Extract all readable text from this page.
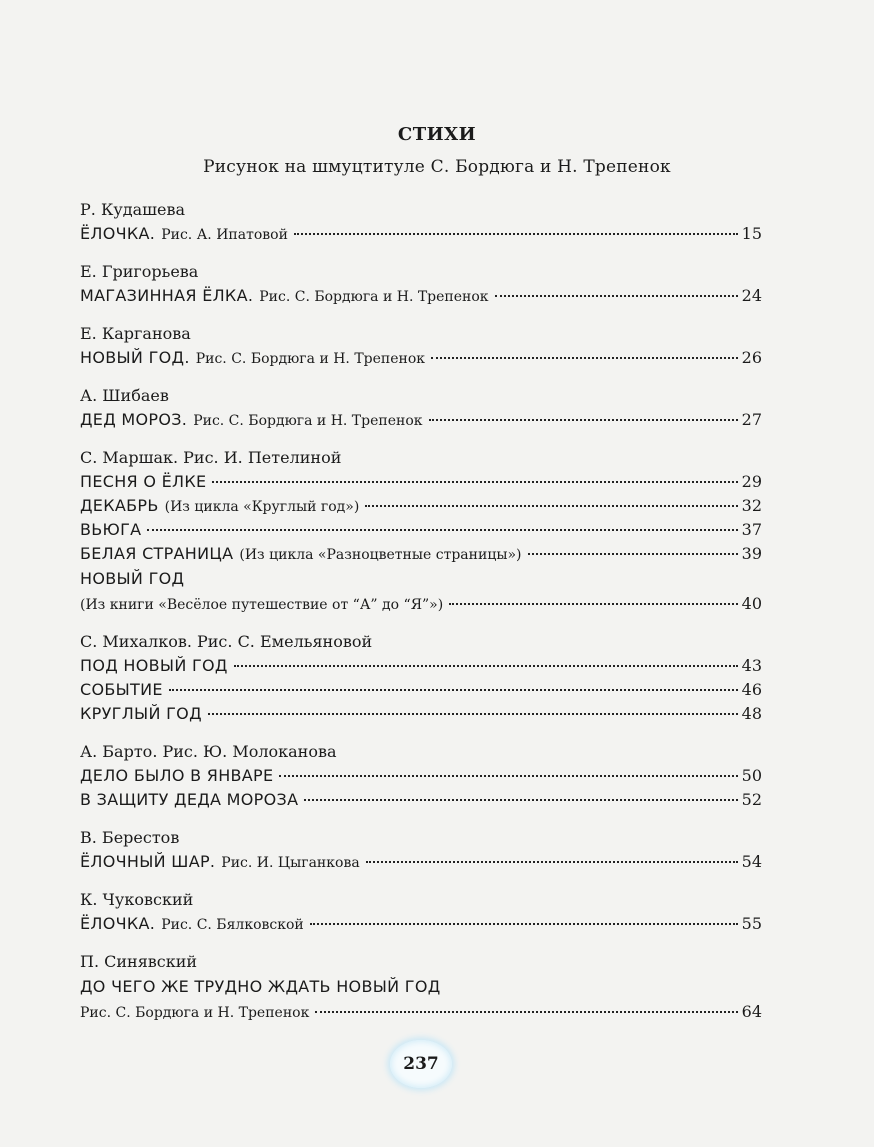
СТИХИ
Рисунок на шмуцтитуле С. Бордюга и Н. Трепенок
Р. Кудашева
ЁЛОЧКА. Рис. А. Ипатовой	15
Е. Григорьева
МАГАЗИННАЯ ЁЛКА. Рис. С. Бордюга и Н. Трепенок	24
Е. Карганова
НОВЫЙ ГОД. Рис. С. Бордюга и Н. Трепенок	26
А. Шибаев
ДЕД МОРОЗ. Рис. С. Бордюга и Н. Трепенок	27
С. Маршак. Рис. И. Петелиной
ПЕСНЯ О ЁЛКЕ	29
ДЕКАБРЬ (Из цикла «Круглый год»)	32
ВЬЮГА	37
БЕЛАЯ СТРАНИЦА (Из цикла «Разноцветные страницы»)	39
НОВЫЙ ГОД
(Из книги «Весёлое путешествие от “А” до “Я”»)	40
С. Михалков. Рис. С. Емельяновой
ПОД НОВЫЙ ГОД	43
СОБЫТИЕ	46
КРУГЛЫЙ ГОД	48
А. Барто. Рис. Ю. Молоканова
ДЕЛО БЫЛО В ЯНВАРЕ	50
В ЗАЩИТУ ДЕДА МОРОЗА	52
В. Берестов
ЁЛОЧНЫЙ ШАР. Рис. И. Цыганкова	54
К. Чуковский
ЁЛОЧКА. Рис. С. Бялковской	55
П. Синявский
ДО ЧЕГО ЖЕ ТРУДНО ЖДАТЬ НОВЫЙ ГОД
Рис. С. Бордюга и Н. Трепенок	64
237
